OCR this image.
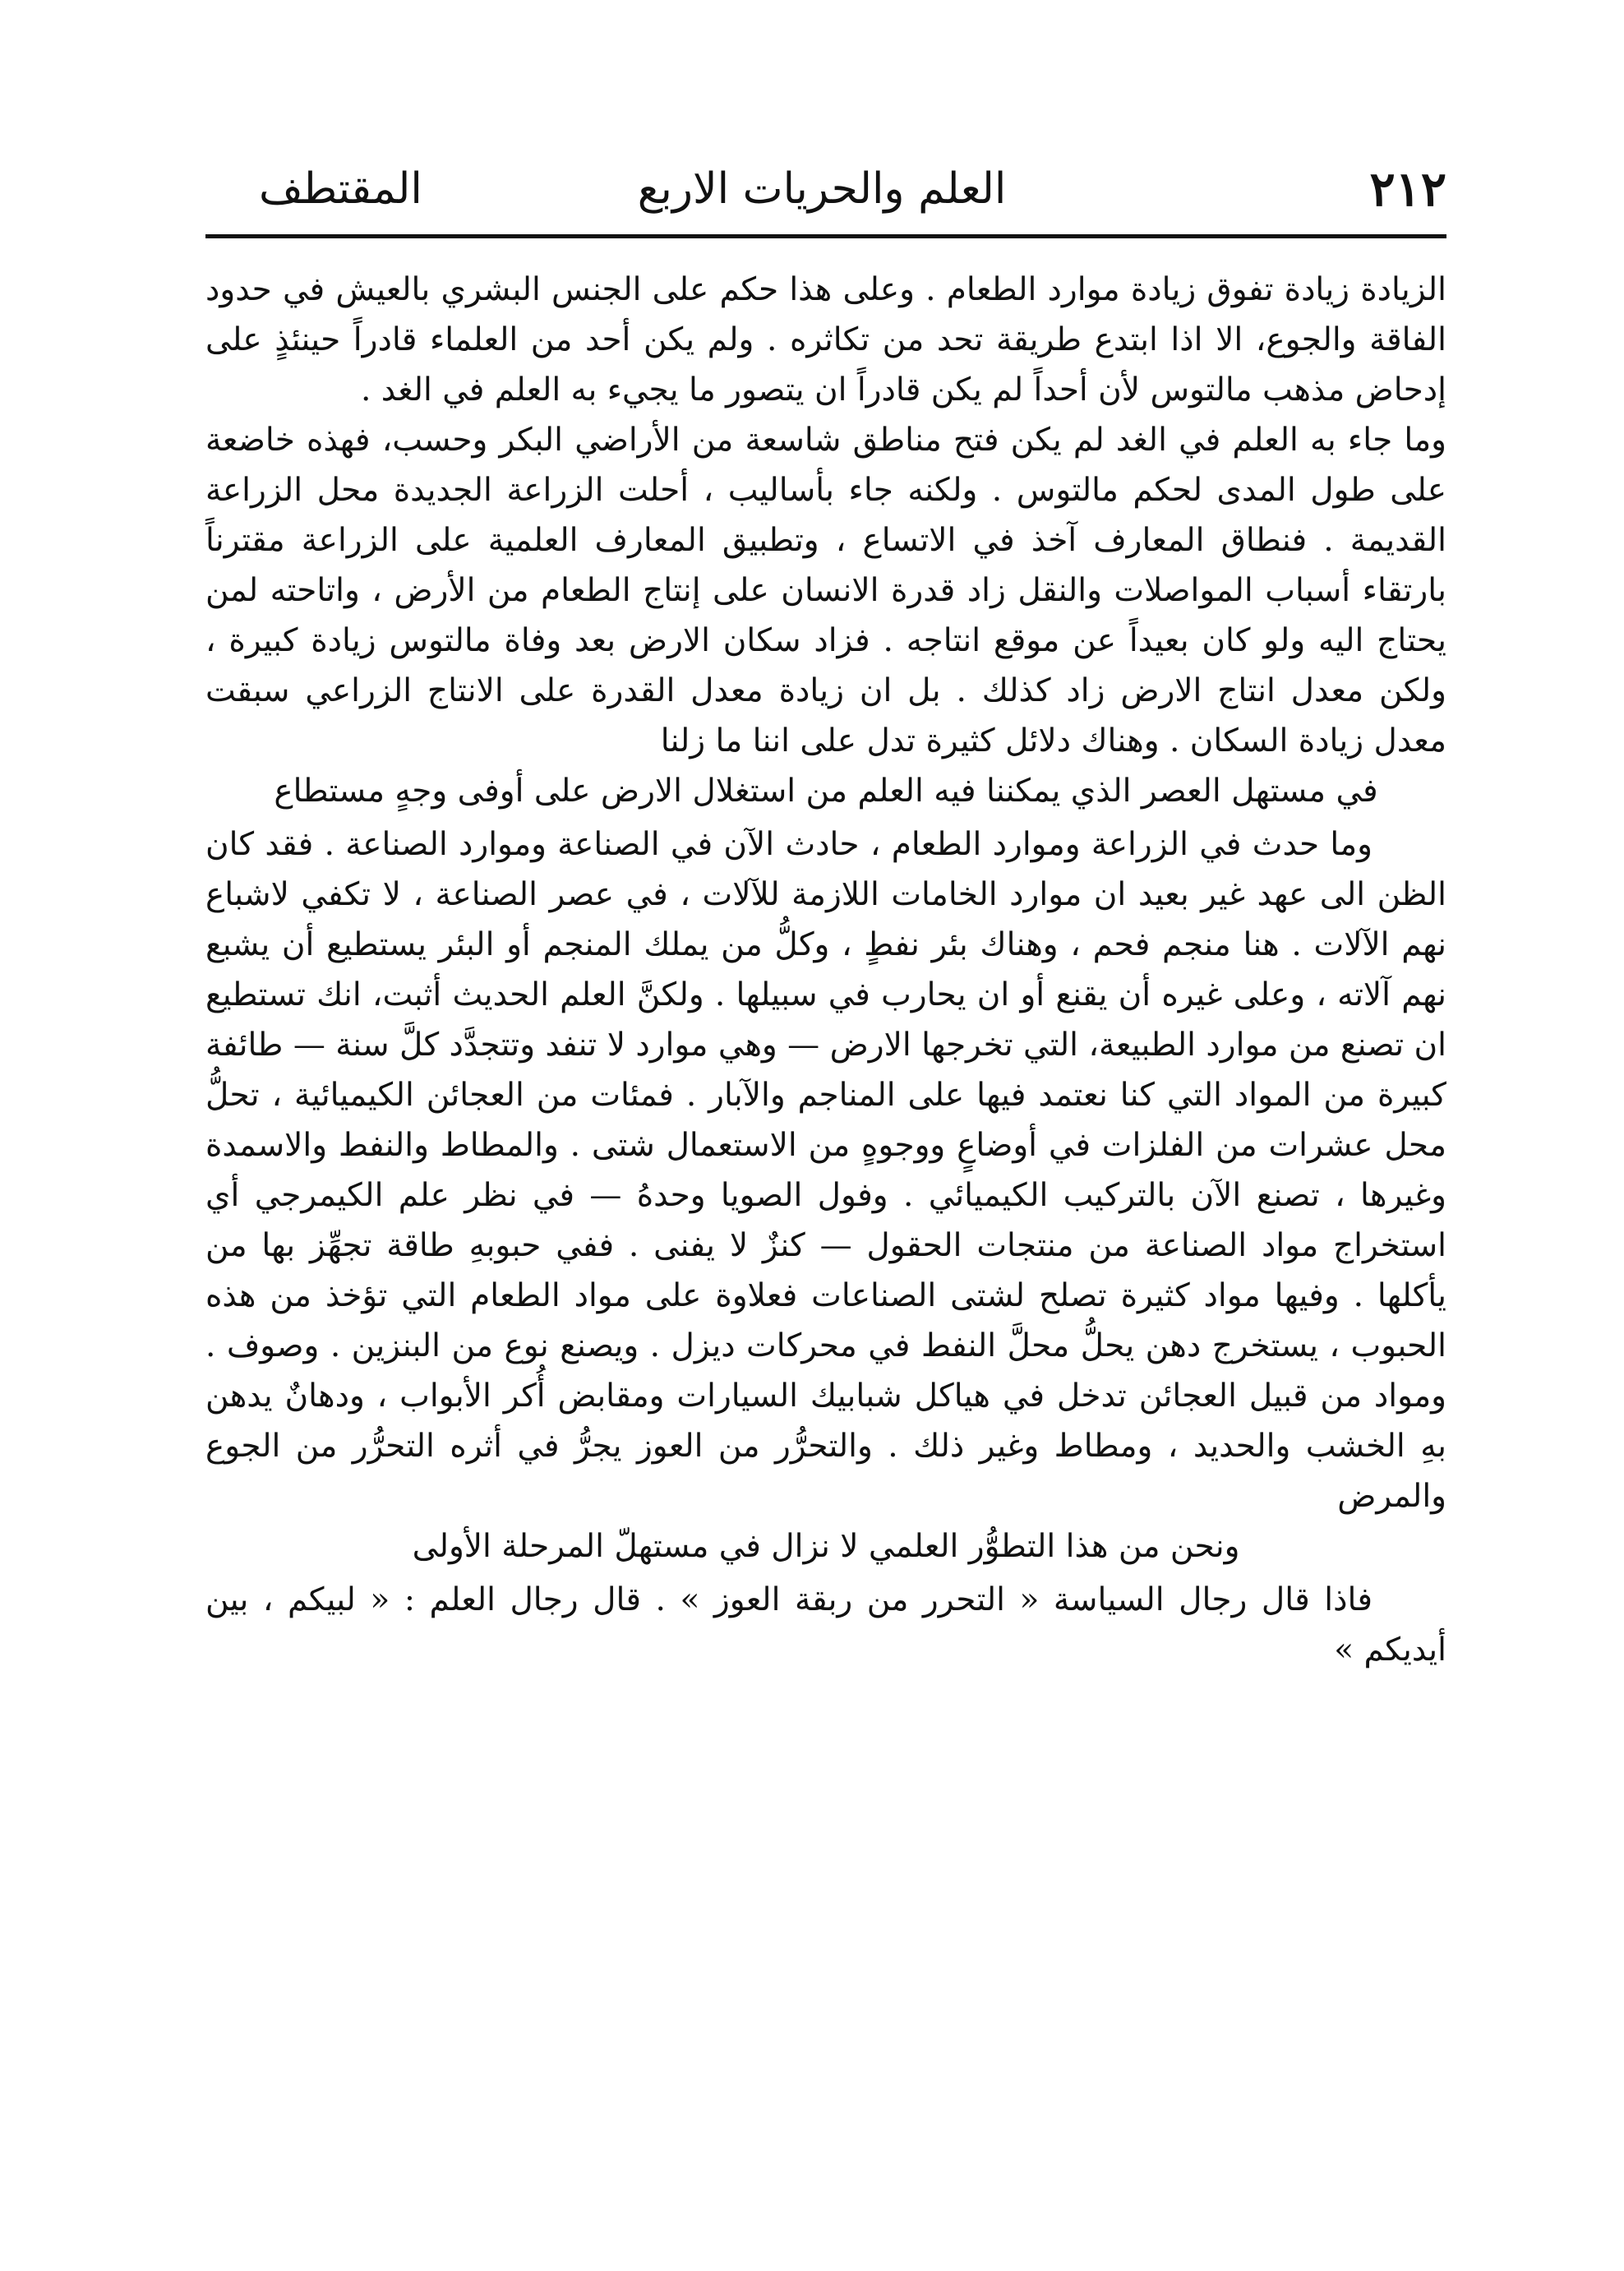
٢١٢
العلم والحريات الاربع
المقتطف

الزيادة زيادة تفوق زيادة موارد الطعام . وعلى هذا حكم على الجنس البشري بالعيش في حدود الفاقة والجوع، الا اذا ابتدع طريقة تحد من تكاثره . ولم يكن أحد من العلماء قادراً حينئذٍ على إدحاض مذهب مالتوس لأن أحداً لم يكن قادراً ان يتصور ما يجيء به العلم في الغد .

وما جاء به العلم في الغد لم يكن فتح مناطق شاسعة من الأراضي البكر وحسب، فهذه خاضعة على طول المدى لحكم مالتوس . ولكنه جاء بأساليب ، أحلت الزراعة الجديدة محل الزراعة القديمة . فنطاق المعارف آخذ في الاتساع ، وتطبيق المعارف العلمية على الزراعة مقترناً بارتقاء أسباب المواصلات والنقل زاد قدرة الانسان على إنتاج الطعام من الأرض ، واتاحته لمن يحتاج اليه ولو كان بعيداً عن موقع انتاجه . فزاد سكان الارض بعد وفاة مالتوس زيادة كبيرة ، ولكن معدل انتاج الارض زاد كذلك . بل ان زيادة معدل القدرة على الانتاج الزراعي سبقت معدل زيادة السكان . وهناك دلائل كثيرة تدل على اننا ما زلنا

في مستهل العصر الذي يمكننا فيه العلم من استغلال الارض على أوفى وجهٍ مستطاع

وما حدث في الزراعة وموارد الطعام ، حادث الآن في الصناعة وموارد الصناعة . فقد كان الظن الى عهد غير بعيد ان موارد الخامات اللازمة للآلات ، في عصر الصناعة ، لا تكفي لاشباع نهم الآلات . هنا منجم فحم ، وهناك بئر نفطٍ ، وكلُّ من يملك المنجم أو البئر يستطيع أن يشبع نهم آلاته ، وعلى غيره أن يقنع أو ان يحارب في سبيلها . ولكنَّ العلم الحديث أثبت، انك تستطيع ان تصنع من موارد الطبيعة، التي تخرجها الارض — وهي موارد لا تنفد وتتجدَّد كلَّ سنة — طائفة كبيرة من المواد التي كنا نعتمد فيها على المناجم والآبار . فمئات من العجائن الكيميائية ، تحلُّ محل عشرات من الفلزات في أوضاعٍ ووجوهٍ من الاستعمال شتى . والمطاط والنفط والاسمدة وغيرها ، تصنع الآن بالتركيب الكيميائي . وفول الصويا وحدهُ — في نظر علم الكيمرجي أي استخراج مواد الصناعة من منتجات الحقول — كنزٌ لا يفنى . ففي حبوبهِ طاقة تجهِّز بها من يأكلها . وفيها مواد كثيرة تصلح لشتى الصناعات فعلاوة على مواد الطعام التي تؤخذ من هذه الحبوب ، يستخرج دهن يحلُّ محلَّ النفط في محركات ديزل . ويصنع نوع من البنزين . وصوف . ومواد من قبيل العجائن تدخل في هياكل شبابيك السيارات ومقابض أُكر الأبواب ، ودهانٌ يدهن بهِ الخشب والحديد ، ومطاط وغير ذلك . والتحرُّر من العوز يجرُّ في أثره التحرُّر من الجوع والمرض

ونحن من هذا التطوُّر العلمي لا نزال في مستهلّ المرحلة الأولى

فاذا قال رجال السياسة « التحرر من ربقة العوز » . قال رجال العلم : « لبيكم ، بين أيديكم »
